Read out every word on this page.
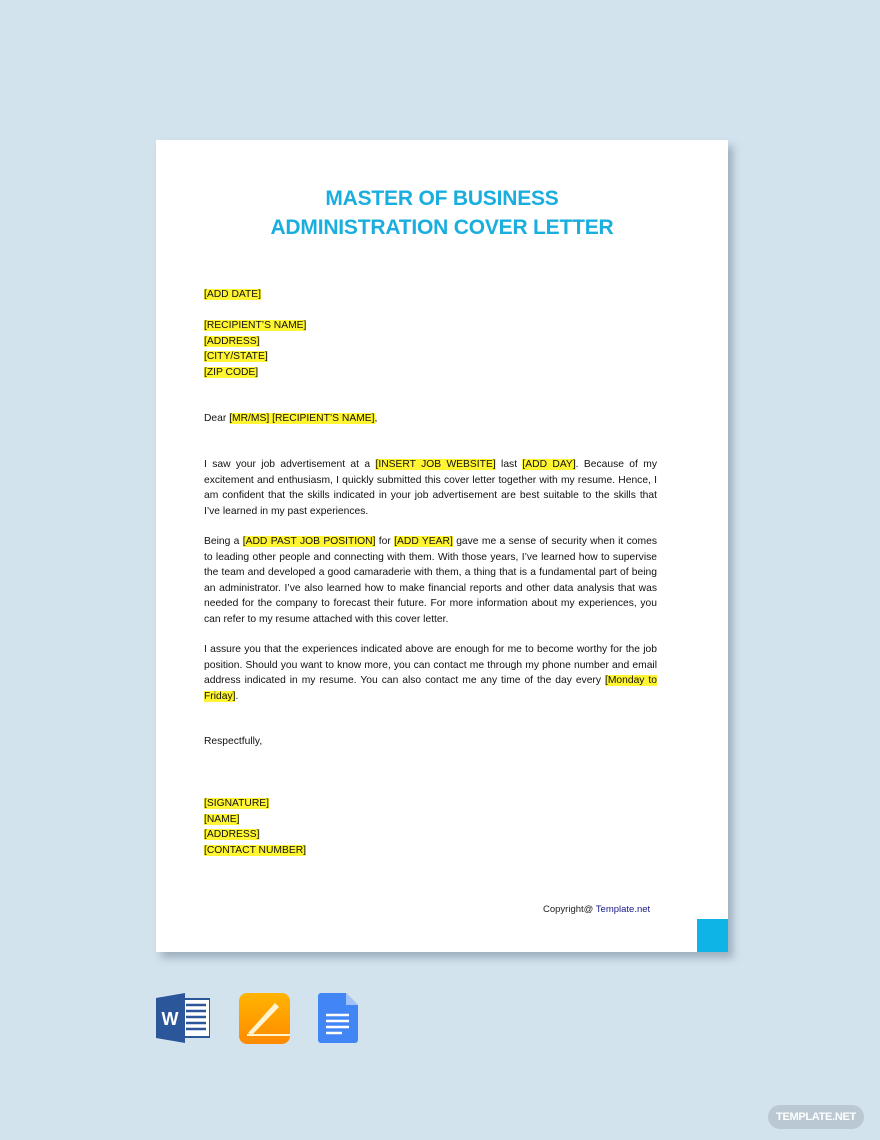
MASTER OF BUSINESS
ADMINISTRATION COVER LETTER
[ADD DATE]
[RECIPIENT’S NAME]
[ADDRESS]
[CITY/STATE]
[ZIP CODE]
Dear [MR/MS] [RECIPIENT’S NAME],
I saw your job advertisement at a [INSERT JOB WEBSITE] last [ADD DAY]. Because of my excitement and enthusiasm, I quickly submitted this cover letter together with my resume. Hence, I am confident that the skills indicated in your job advertisement are best suitable to the skills that I’ve learned in my past experiences.
Being a [ADD PAST JOB POSITION] for [ADD YEAR] gave me a sense of security when it comes to leading other people and connecting with them. With those years, I’ve learned how to supervise the team and developed a good camaraderie with them, a thing that is a fundamental part of being an administrator. I’ve also learned how to make financial reports and other data analysis that was needed for the company to forecast their future. For more information about my experiences, you can refer to my resume attached with this cover letter.
I assure you that the experiences indicated above are enough for me to become worthy for the job position. Should you want to know more, you can contact me through my phone number and email address indicated in my resume. You can also contact me any time of the day every [Monday to Friday].
Respectfully,
[SIGNATURE]
[NAME]
[ADDRESS]
[CONTACT NUMBER]
Copyright@ Template.net
W
TEMPLATE.NET
